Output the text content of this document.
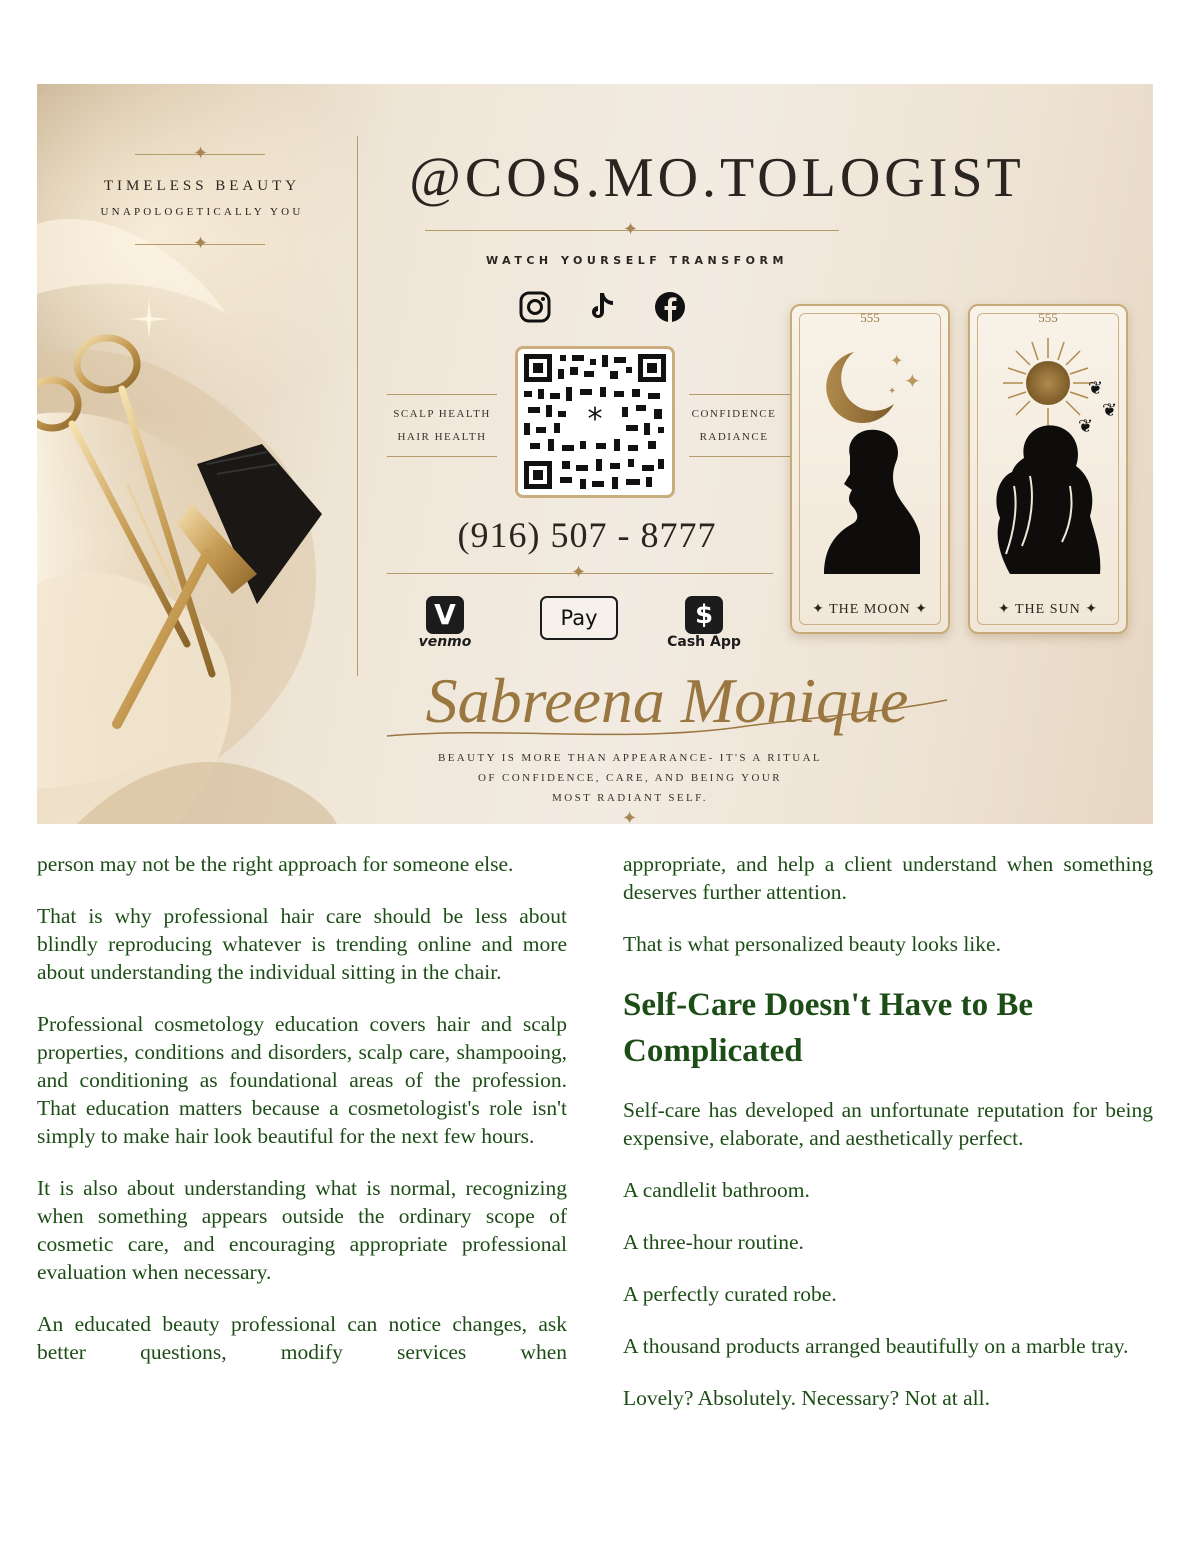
✦
TIMELESS BEAUTY
UNAPOLOGETICALLY YOU
✦
@COS.MO.TOLOGIST
✦
WATCH YOURSELF TRANSFORM
SCALP HEALTH
HAIR HEALTH
CONFIDENCE
RADIANCE
*
(916) 507 - 8777
✦
V
venmo
Pay	$
Cash App
555
✦
✦
✦
✦ THE MOON ✦
555
❦
❦
❦
✦ THE SUN ✦
Sabreena Monique
BEAUTY IS MORE THAN APPEARANCE- IT'S A RITUAL
OF CONFIDENCE, CARE, AND BEING YOUR
MOST RADIANT SELF.
✦

person may not be the right approach for someone else.

That is why professional hair care should be less about blindly reproducing whatever is trending online and more about understanding the individual sitting in the chair.

Professional cosmetology education covers hair and scalp properties, conditions and disorders, scalp care, shampooing, and conditioning as foundational areas of the profession. That education matters because a cosmetologist's role isn't simply to make hair look beautiful for the next few hours.

It is also about understanding what is normal, recognizing when something appears outside the ordinary scope of cosmetic care, and encouraging appropriate professional evaluation when necessary.

An educated beauty professional can notice changes, ask better questions, modify services when

appropriate, and help a client understand when something deserves further attention.

That is what personalized beauty looks like.

Self-Care Doesn't Have to Be Complicated

Self-care has developed an unfortunate reputation for being expensive, elaborate, and aesthetically perfect.

A candlelit bathroom.

A three-hour routine.

A perfectly curated robe.

A thousand products arranged beautifully on a marble tray.

Lovely? Absolutely. Necessary? Not at all.
